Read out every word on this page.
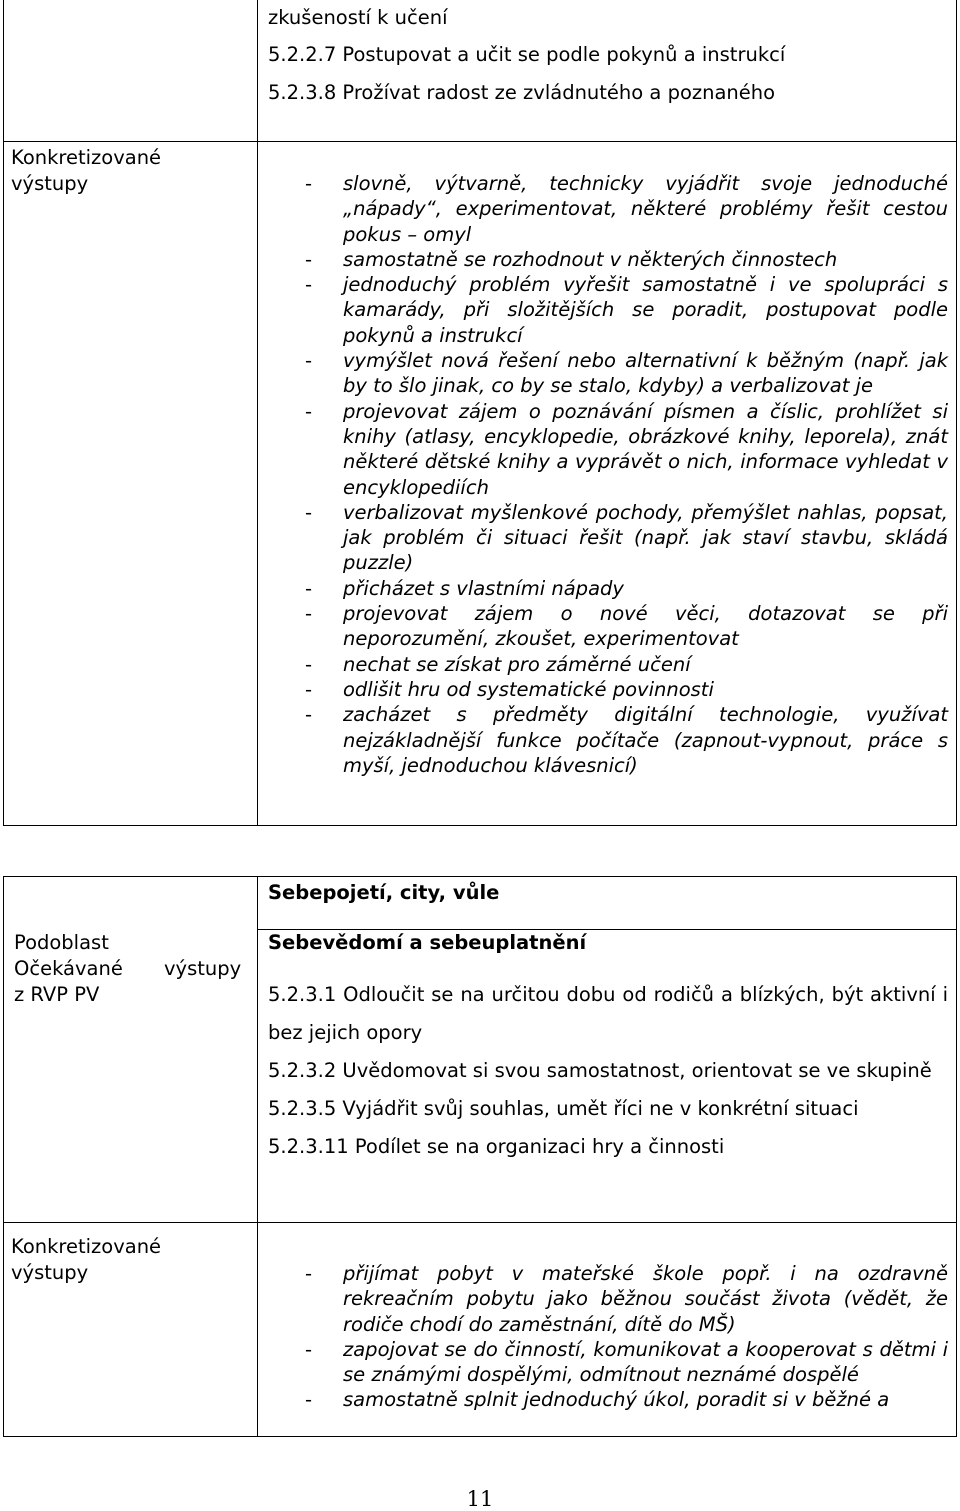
zkušeností k učení
5.2.2.7 Postupovat a učit se podle pokynů a instrukcí
5.2.3.8 Prožívat radost ze zvládnutého a poznaného
Konkretizované
výstupy	- slovně, výtvarně, technicky vyjádřit svoje jednoduché „nápady“, experimentovat, některé problémy řešit cestou pokus – omyl
- samostatně se rozhodnout v některých činnostech
- jednoduchý problém vyřešit samostatně i ve spolupráci s kamarády, při složitějších se poradit, postupovat podle pokynů a instrukcí
- vymýšlet nová řešení nebo alternativní k běžným (např. jak by to šlo jinak, co by se stalo, kdyby) a verbalizovat je
- projevovat zájem o poznávání písmen a číslic, prohlížet si knihy (atlasy, encyklopedie, obrázkové knihy, leporela), znát některé dětské knihy a vyprávět o nich, informace vyhledat v encyklopediích
- verbalizovat myšlenkové pochody, přemýšlet nahlas, popsat, jak problém či situaci řešit (např. jak staví stavbu, skládá puzzle)
- přicházet s vlastními nápady
- projevovat zájem o nové věci, dotazovat se při neporozumění, zkoušet, experimentovat
- nechat se získat pro záměrné učení
- odlišit hru od systematické povinnosti
- zacházet s předměty digitální technologie, využívat nejzákladnější funkce počítače (zapnout-vypnout, práce s myší, jednoduchou klávesnicí)
Sebepojetí, city, vůle
Podoblast
Očekávané výstupy
z RVP PV
Sebevědomí a sebeuplatnění
5.2.3.1 Odloučit se na určitou dobu od rodičů a blízkých, být aktivní i bez jejich opory
5.2.3.2 Uvědomovat si svou samostatnost, orientovat se ve skupině
5.2.3.5 Vyjádřit svůj souhlas, umět říci ne v konkrétní situaci
5.2.3.11 Podílet se na organizaci hry a činnosti
Konkretizované
výstupy	- přijímat pobyt v mateřské škole popř. i na ozdravně rekreačním pobytu jako běžnou součást života (vědět, že rodiče chodí do zaměstnání, dítě do MŠ)
- zapojovat se do činností, komunikovat a kooperovat s dětmi i se známými dospělými, odmítnout neznámé dospělé
- samostatně splnit jednoduchý úkol, poradit si v běžné a
11
